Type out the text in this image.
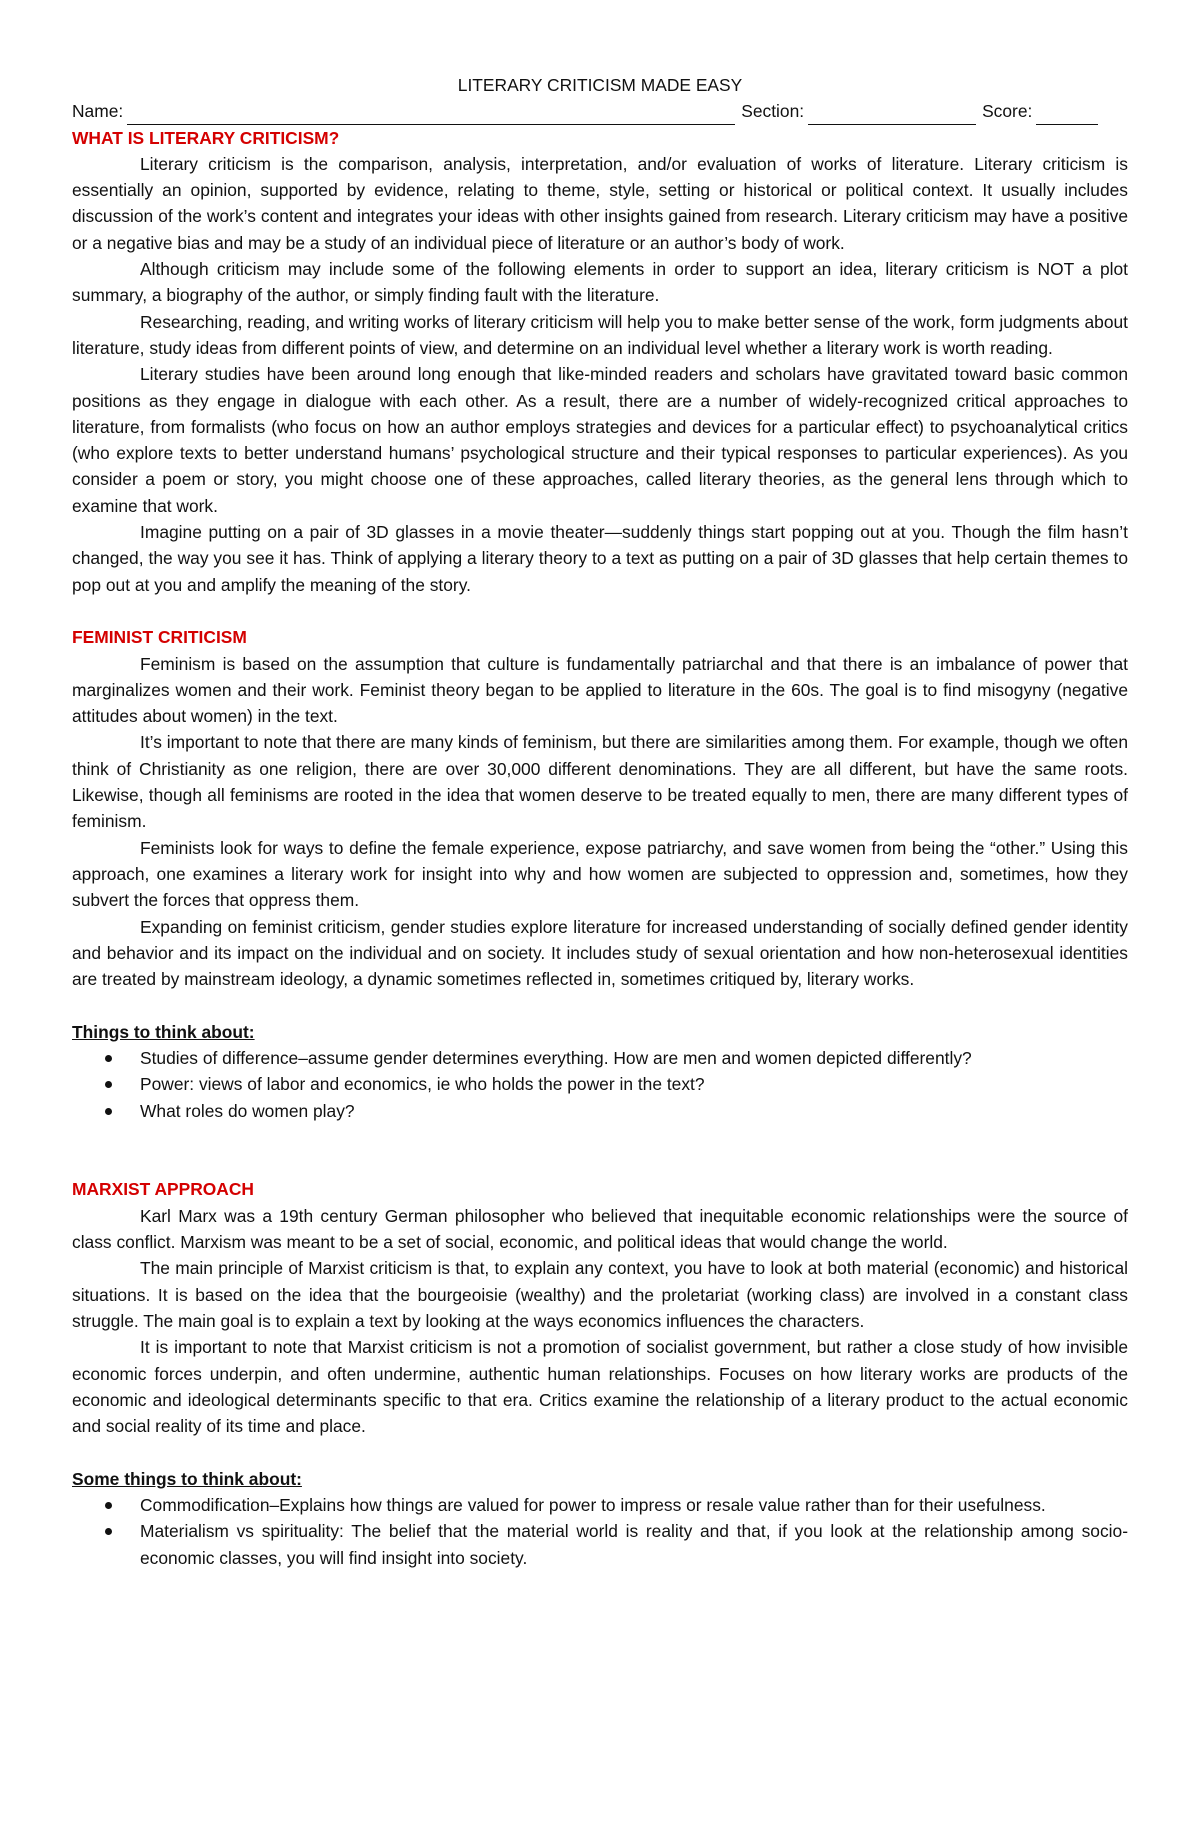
LITERARY CRITICISM MADE EASY
Name:	Section:	Score:
WHAT IS LITERARY CRITICISM?

Literary criticism is the comparison, analysis, interpretation, and/or evaluation of works of literature. Literary criticism is essentially an opinion, supported by evidence, relating to theme, style, setting or historical or political context. It usually includes discussion of the work’s content and integrates your ideas with other insights gained from research. Literary criticism may have a positive or a negative bias and may be a study of an individual piece of literature or an author’s body of work.

Although criticism may include some of the following elements in order to support an idea, literary criticism is NOT a plot summary, a biography of the author, or simply finding fault with the literature.

Researching, reading, and writing works of literary criticism will help you to make better sense of the work, form judgments about literature, study ideas from different points of view, and determine on an individual level whether a literary work is worth reading.

Literary studies have been around long enough that like-minded readers and scholars have gravitated toward basic common positions as they engage in dialogue with each other. As a result, there are a number of widely-recognized critical approaches to literature, from formalists (who focus on how an author employs strategies and devices for a particular effect) to psychoanalytical critics (who explore texts to better understand humans’ psychological structure and their typical responses to particular experiences). As you consider a poem or story, you might choose one of these approaches, called literary theories, as the general lens through which to examine that work.

Imagine putting on a pair of 3D glasses in a movie theater—suddenly things start popping out at you. Though the film hasn’t changed, the way you see it has. Think of applying a literary theory to a text as putting on a pair of 3D glasses that help certain themes to pop out at you and amplify the meaning of the story.

FEMINIST CRITICISM

Feminism is based on the assumption that culture is fundamentally patriarchal and that there is an imbalance of power that marginalizes women and their work. Feminist theory began to be applied to literature in the 60s. The goal is to find misogyny (negative attitudes about women) in the text.

It’s important to note that there are many kinds of feminism, but there are similarities among them. For example, though we often think of Christianity as one religion, there are over 30,000 different denominations. They are all different, but have the same roots. Likewise, though all feminisms are rooted in the idea that women deserve to be treated equally to men, there are many different types of feminism.

Feminists look for ways to define the female experience, expose patriarchy, and save women from being the “other.” Using this approach, one examines a literary work for insight into why and how women are subjected to oppression and, sometimes, how they subvert the forces that oppress them.

Expanding on feminist criticism, gender studies explore literature for increased understanding of socially defined gender identity and behavior and its impact on the individual and on society. It includes study of sexual orientation and how non-heterosexual identities are treated by mainstream ideology, a dynamic sometimes reflected in, sometimes critiqued by, literary works.

Things to think about:

Studies of difference–assume gender determines everything. How are men and women depicted differently?
Power: views of labor and economics, ie who holds the power in the text?
What roles do women play?
MARXIST APPROACH

Karl Marx was a 19th century German philosopher who believed that inequitable economic relationships were the source of class conflict. Marxism was meant to be a set of social, economic, and political ideas that would change the world.

The main principle of Marxist criticism is that, to explain any context, you have to look at both material (economic) and historical situations. It is based on the idea that the bourgeoisie (wealthy) and the proletariat (working class) are involved in a constant class struggle. The main goal is to explain a text by looking at the ways economics influences the characters.

It is important to note that Marxist criticism is not a promotion of socialist government, but rather a close study of how invisible economic forces underpin, and often undermine, authentic human relationships. Focuses on how literary works are products of the economic and ideological determinants specific to that era. Critics examine the relationship of a literary product to the actual economic and social reality of its time and place.

Some things to think about:

Commodification–Explains how things are valued for power to impress or resale value rather than for their usefulness.
Materialism vs spirituality: The belief that the material world is reality and that, if you look at the relationship among socio-economic classes, you will find insight into society.
